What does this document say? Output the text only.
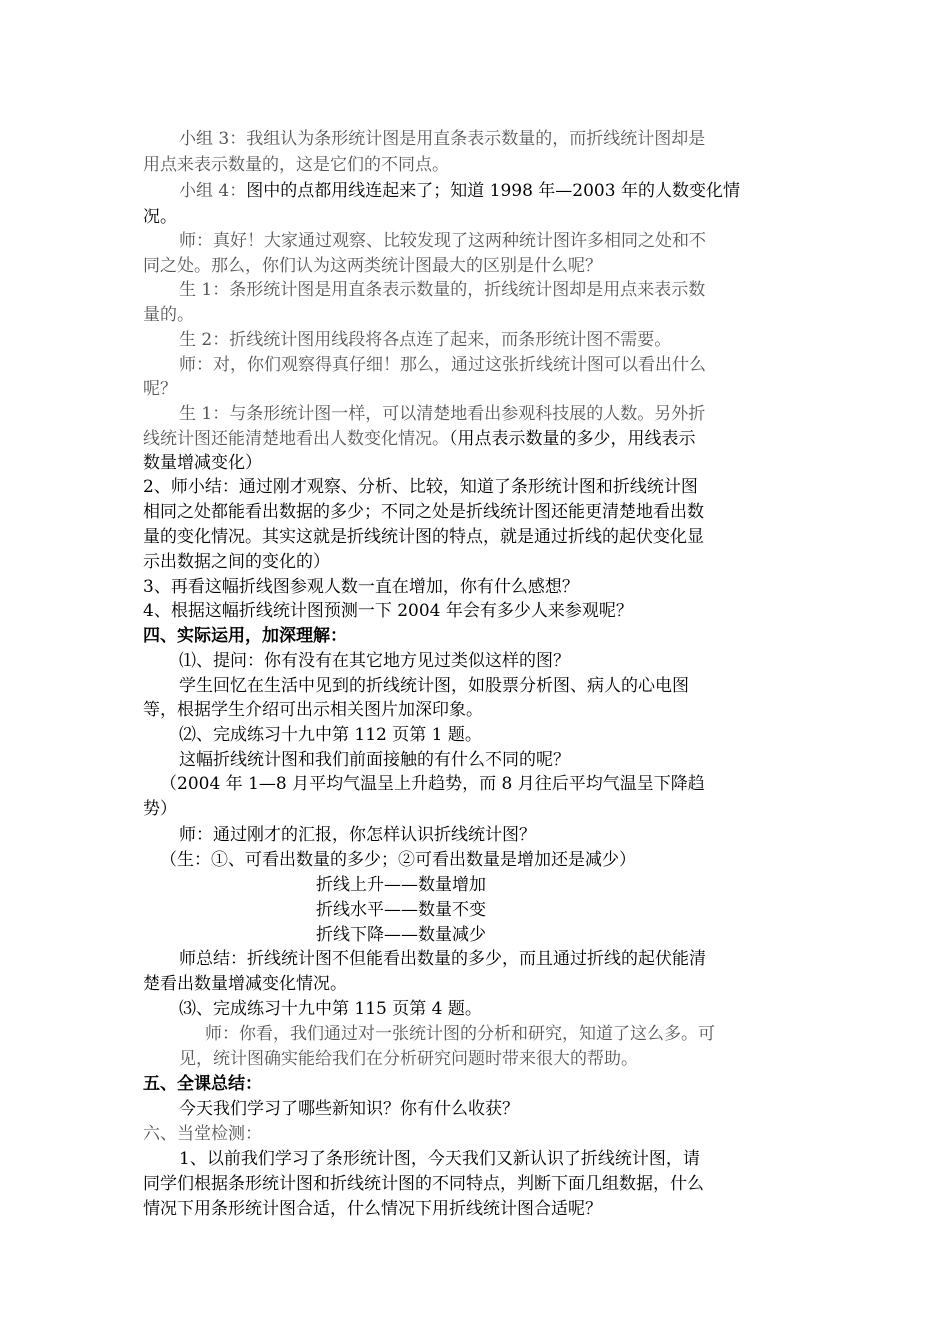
小组 3：我组认为条形统计图是用直条表示数量的，而折线统计图却是
用点来表示数量的，这是它们的不同点。
小组 4：图中的点都用线连起来了；知道 1998 年—2003 年的人数变化情
况。
师：真好！大家通过观察、比较发现了这两种统计图许多相同之处和不
同之处。那么，你们认为这两类统计图最大的区别是什么呢？
生 1：条形统计图是用直条表示数量的，折线统计图却是用点来表示数
量的。
生 2：折线统计图用线段将各点连了起来，而条形统计图不需要。
师：对，你们观察得真仔细！那么，通过这张折线统计图可以看出什么
呢？
生 1：与条形统计图一样，可以清楚地看出参观科技展的人数。另外折
线统计图还能清楚地看出人数变化情况。（用点表示数量的多少，用线表示
数量增减变化）
2、师小结：通过刚才观察、分析、比较，知道了条形统计图和折线统计图
相同之处都能看出数据的多少；不同之处是折线统计图还能更清楚地看出数
量的变化情况。其实这就是折线统计图的特点，就是通过折线的起伏变化显
示出数据之间的变化的）
3、再看这幅折线图参观人数一直在增加，你有什么感想？
4、根据这幅折线统计图预测一下 2004 年会有多少人来参观呢？
四、实际运用，加深理解：
⑴、提问：你有没有在其它地方见过类似这样的图？
学生回忆在生活中见到的折线统计图，如股票分析图、病人的心电图
等，根据学生介绍可出示相关图片加深印象。
⑵、完成练习十九中第 112 页第 1 题。
这幅折线统计图和我们前面接触的有什么不同的呢？
（2004 年 1—8 月平均气温呈上升趋势，而 8 月往后平均气温呈下降趋
势）
师：通过刚才的汇报，你怎样认识折线统计图？
（生：①、可看出数量的多少；②可看出数量是增加还是减少）
折线上升——数量增加
折线水平——数量不变
折线下降——数量减少
师总结：折线统计图不但能看出数量的多少，而且通过折线的起伏能清
楚看出数量增减变化情况。
⑶、完成练习十九中第 115 页第 4 题。
师：你看，我们通过对一张统计图的分析和研究，知道了这么多。可
见，统计图确实能给我们在分析研究问题时带来很大的帮助。
五、全课总结：
今天我们学习了哪些新知识？你有什么收获？
六、当堂检测：
1、以前我们学习了条形统计图，今天我们又新认识了折线统计图，请
同学们根据条形统计图和折线统计图的不同特点，判断下面几组数据，什么
情况下用条形统计图合适，什么情况下用折线统计图合适呢？
